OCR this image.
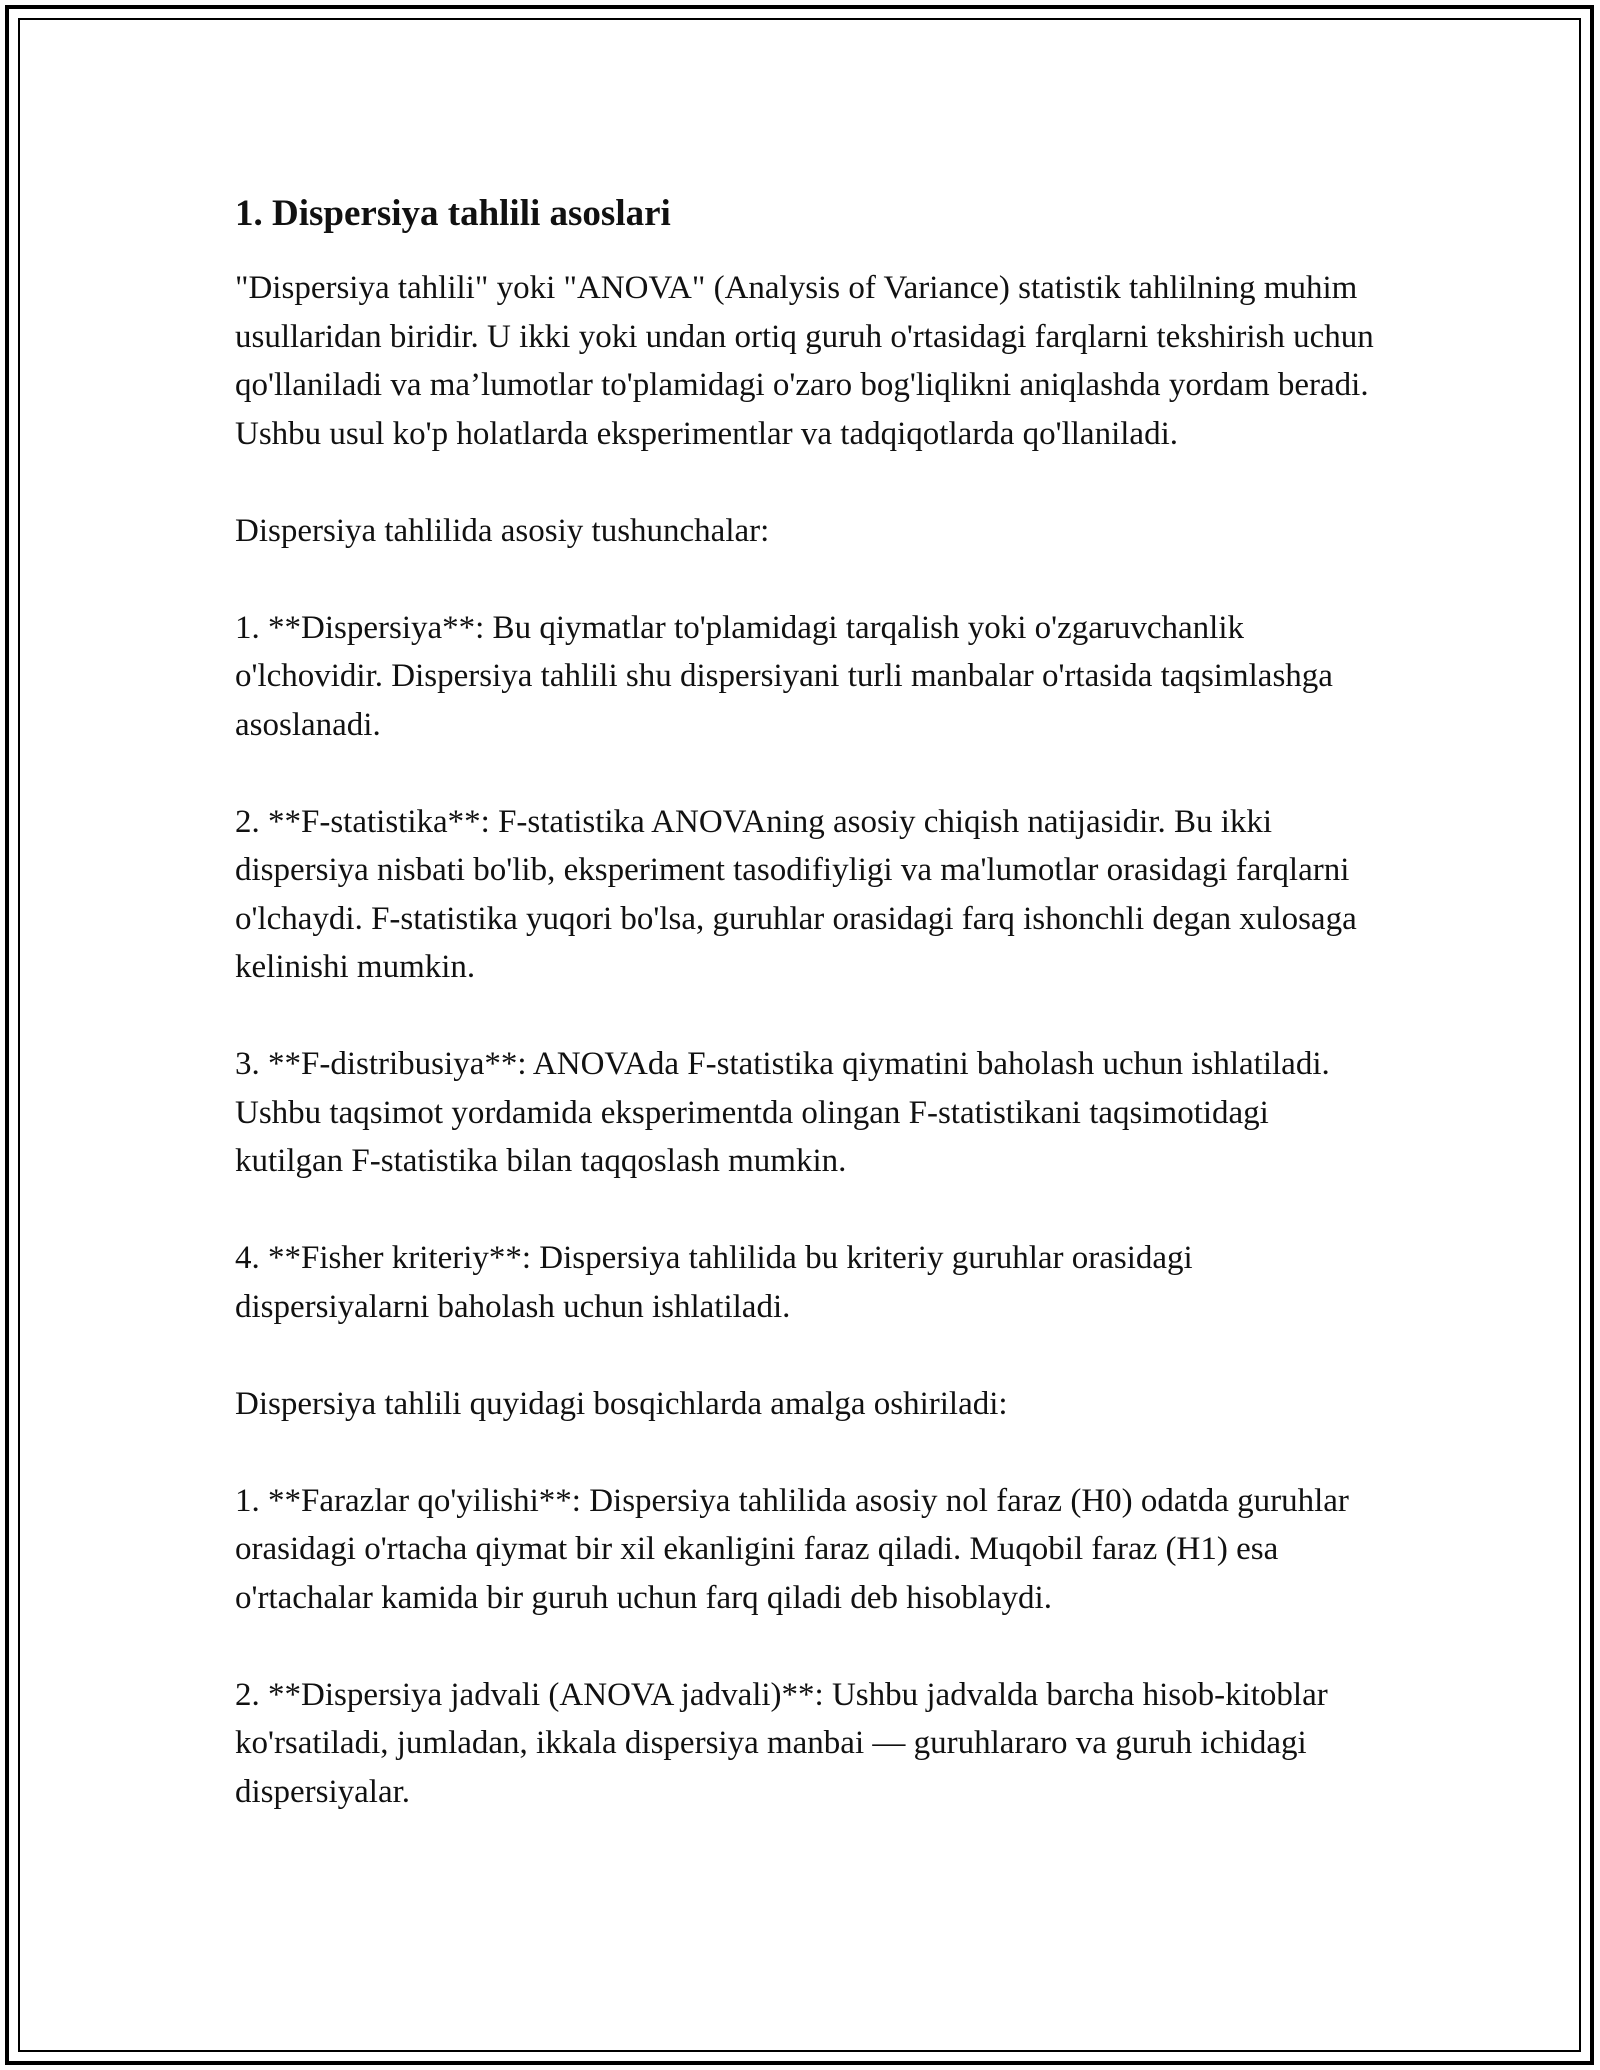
1. Dispersiya tahlili asoslari

"Dispersiya tahlili" yoki "ANOVA" (Analysis of Variance) statistik tahlilning muhim usullaridan biridir. U ikki yoki undan ortiq guruh o'rtasidagi farqlarni tekshirish uchun qo'llaniladi va ma’lumotlar to'plamidagi o'zaro bog'liqlikni aniqlashda yordam beradi. Ushbu usul ko'p holatlarda eksperimentlar va tadqiqotlarda qo'llaniladi.

Dispersiya tahlilida asosiy tushunchalar:

1. **Dispersiya**: Bu qiymatlar to'plamidagi tarqalish yoki o'zgaruvchanlik o'lchovidir. Dispersiya tahlili shu dispersiyani turli manbalar o'rtasida taqsimlashga asoslanadi.

2. **F-statistika**: F-statistika ANOVAning asosiy chiqish natijasidir. Bu ikki dispersiya nisbati bo'lib, eksperiment tasodifiyligi va ma'lumotlar orasidagi farqlarni o'lchaydi. F-statistika yuqori bo'lsa, guruhlar orasidagi farq ishonchli degan xulosaga kelinishi mumkin.

3. **F-distribusiya**: ANOVAda F-statistika qiymatini baholash uchun ishlatiladi. Ushbu taqsimot yordamida eksperimentda olingan F-statistikani taqsimotidagi kutilgan F-statistika bilan taqqoslash mumkin.

4. **Fisher kriteriy**: Dispersiya tahlilida bu kriteriy guruhlar orasidagi dispersiyalarni baholash uchun ishlatiladi.

Dispersiya tahlili quyidagi bosqichlarda amalga oshiriladi:

1. **Farazlar qo'yilishi**: Dispersiya tahlilida asosiy nol faraz (H0) odatda guruhlar orasidagi o'rtacha qiymat bir xil ekanligini faraz qiladi. Muqobil faraz (H1) esa o'rtachalar kamida bir guruh uchun farq qiladi deb hisoblaydi.

2. **Dispersiya jadvali (ANOVA jadvali)**: Ushbu jadvalda barcha hisob-kitoblar ko'rsatiladi, jumladan, ikkala dispersiya manbai — guruhlararo va guruh ichidagi dispersiyalar.
